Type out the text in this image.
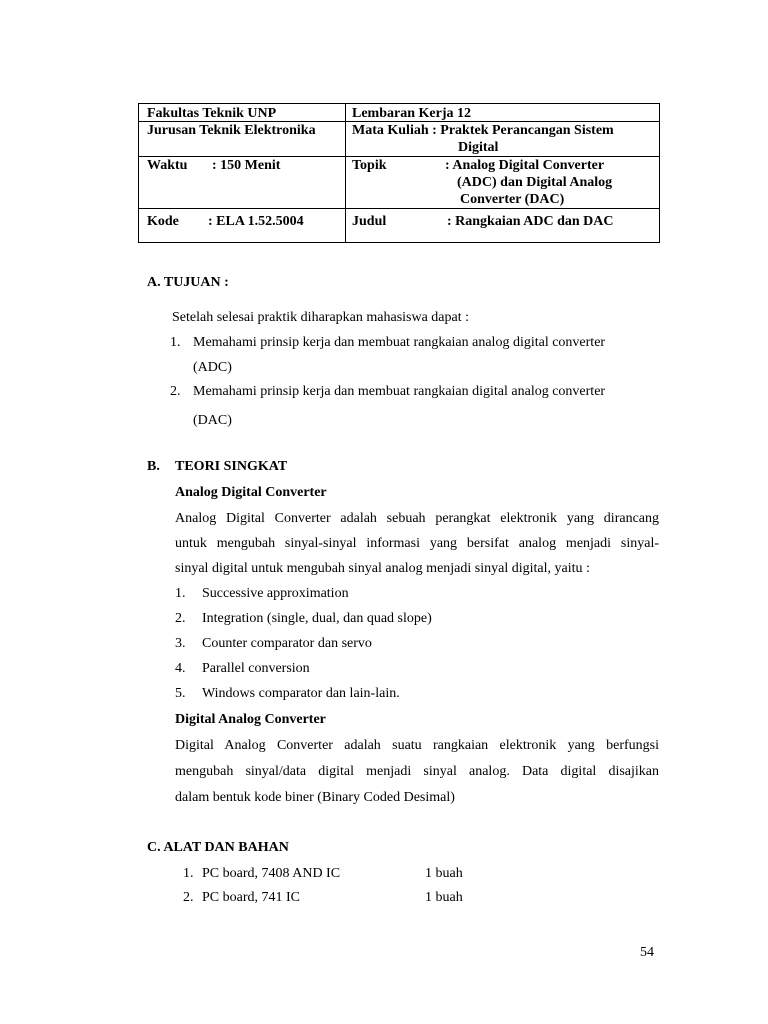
Fakultas Teknik UNP	Lembaran Kerja 12
Jurusan Teknik Elektronika	Mata Kuliah : Praktek Perancangan Sistem
Digital
Waktu : 150 Menit	Topik	: Analog Digital Converter
(ADC) dan Digital Analog
Converter (DAC)
Kode : ELA 1.52.5004	Judul	: Rangkaian ADC dan DAC
A. TUJUAN :
Setelah selesai praktik diharapkan mahasiswa dapat :
1. Memahami prinsip kerja dan membuat rangkaian analog digital converter
(ADC)
2. Memahami prinsip kerja dan membuat rangkaian digital analog converter
(DAC)
B. TEORI SINGKAT
Analog Digital Converter
Analog Digital Converter adalah sebuah perangkat elektronik yang dirancang
untuk mengubah sinyal-sinyal informasi yang bersifat analog menjadi sinyal-
sinyal digital untuk mengubah sinyal analog menjadi sinyal digital, yaitu :
1. Successive approximation
2. Integration (single, dual, dan quad slope)
3. Counter comparator dan servo
4. Parallel conversion
5. Windows comparator dan lain-lain.
Digital Analog Converter
Digital Analog Converter adalah suatu rangkaian elektronik yang berfungsi
mengubah sinyal/data digital menjadi sinyal analog. Data digital disajikan
dalam bentuk kode biner (Binary Coded Desimal)
C. ALAT DAN BAHAN
1. PC board, 7408 AND IC	1 buah
2. PC board, 741 IC	1 buah
54
